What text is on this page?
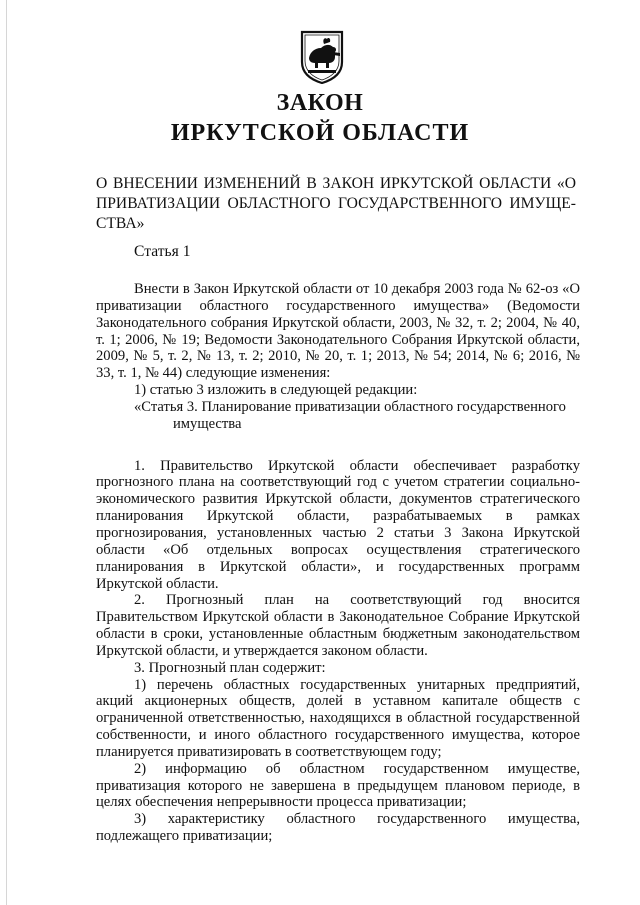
ЗАКОН
ИРКУТСКОЙ ОБЛАСТИ
О ВНЕСЕНИИ ИЗМЕНЕНИЙ В ЗАКОН ИРКУТСКОЙ ОБЛАСТИ «О ПРИВАТИЗАЦИИ ОБЛАСТНОГО ГОСУДАРСТВЕННОГО ИМУЩЕ-СТВА»
Статья 1

Внести в Закон Иркутской области от 10 декабря 2003 года № 62-оз «О приватизации областного государственного имущества» (Ведомости Законодательного собрания Иркутской области, 2003, № 32, т. 2; 2004, № 40, т. 1; 2006, № 19; Ведомости Законодательного Собрания Иркутской области, 2009, № 5, т. 2, № 13, т. 2; 2010, № 20, т. 1; 2013, № 54; 2014, № 6; 2016, № 33, т. 1, № 44) следующие изменения:

1) статью 3 изложить в следующей редакции:

«Статья 3. Планирование приватизации областного государственного

имущества

1. Правительство Иркутской области обеспечивает разработку прогнозного плана на соответствующий год с учетом стратегии социально-экономического развития Иркутской области, документов стратегического планирования Иркутской области, разрабатываемых в рамках прогнозирования, установленных частью 2 статьи 3 Закона Иркутской области «Об отдельных вопросах осуществления стратегического планирования в Иркутской области», и государственных программ Иркутской области.

2. Прогнозный план на соответствующий год вносится Правительством Иркутской области в Законодательное Собрание Иркутской области в сроки, установленные областным бюджетным законодательством Иркутской области, и утверждается законом области.

3. Прогнозный план содержит:

1) перечень областных государственных унитарных предприятий, акций акционерных обществ, долей в уставном капитале обществ с ограниченной ответственностью, находящихся в областной государственной собственности, и иного областного государственного имущества, которое планируется приватизировать в соответствующем году;

2) информацию об областном государственном имуществе, приватизация которого не завершена в предыдущем плановом периоде, в целях обеспечения непрерывности процесса приватизации;

3) характеристику областного государственного имущества, подлежащего приватизации;
